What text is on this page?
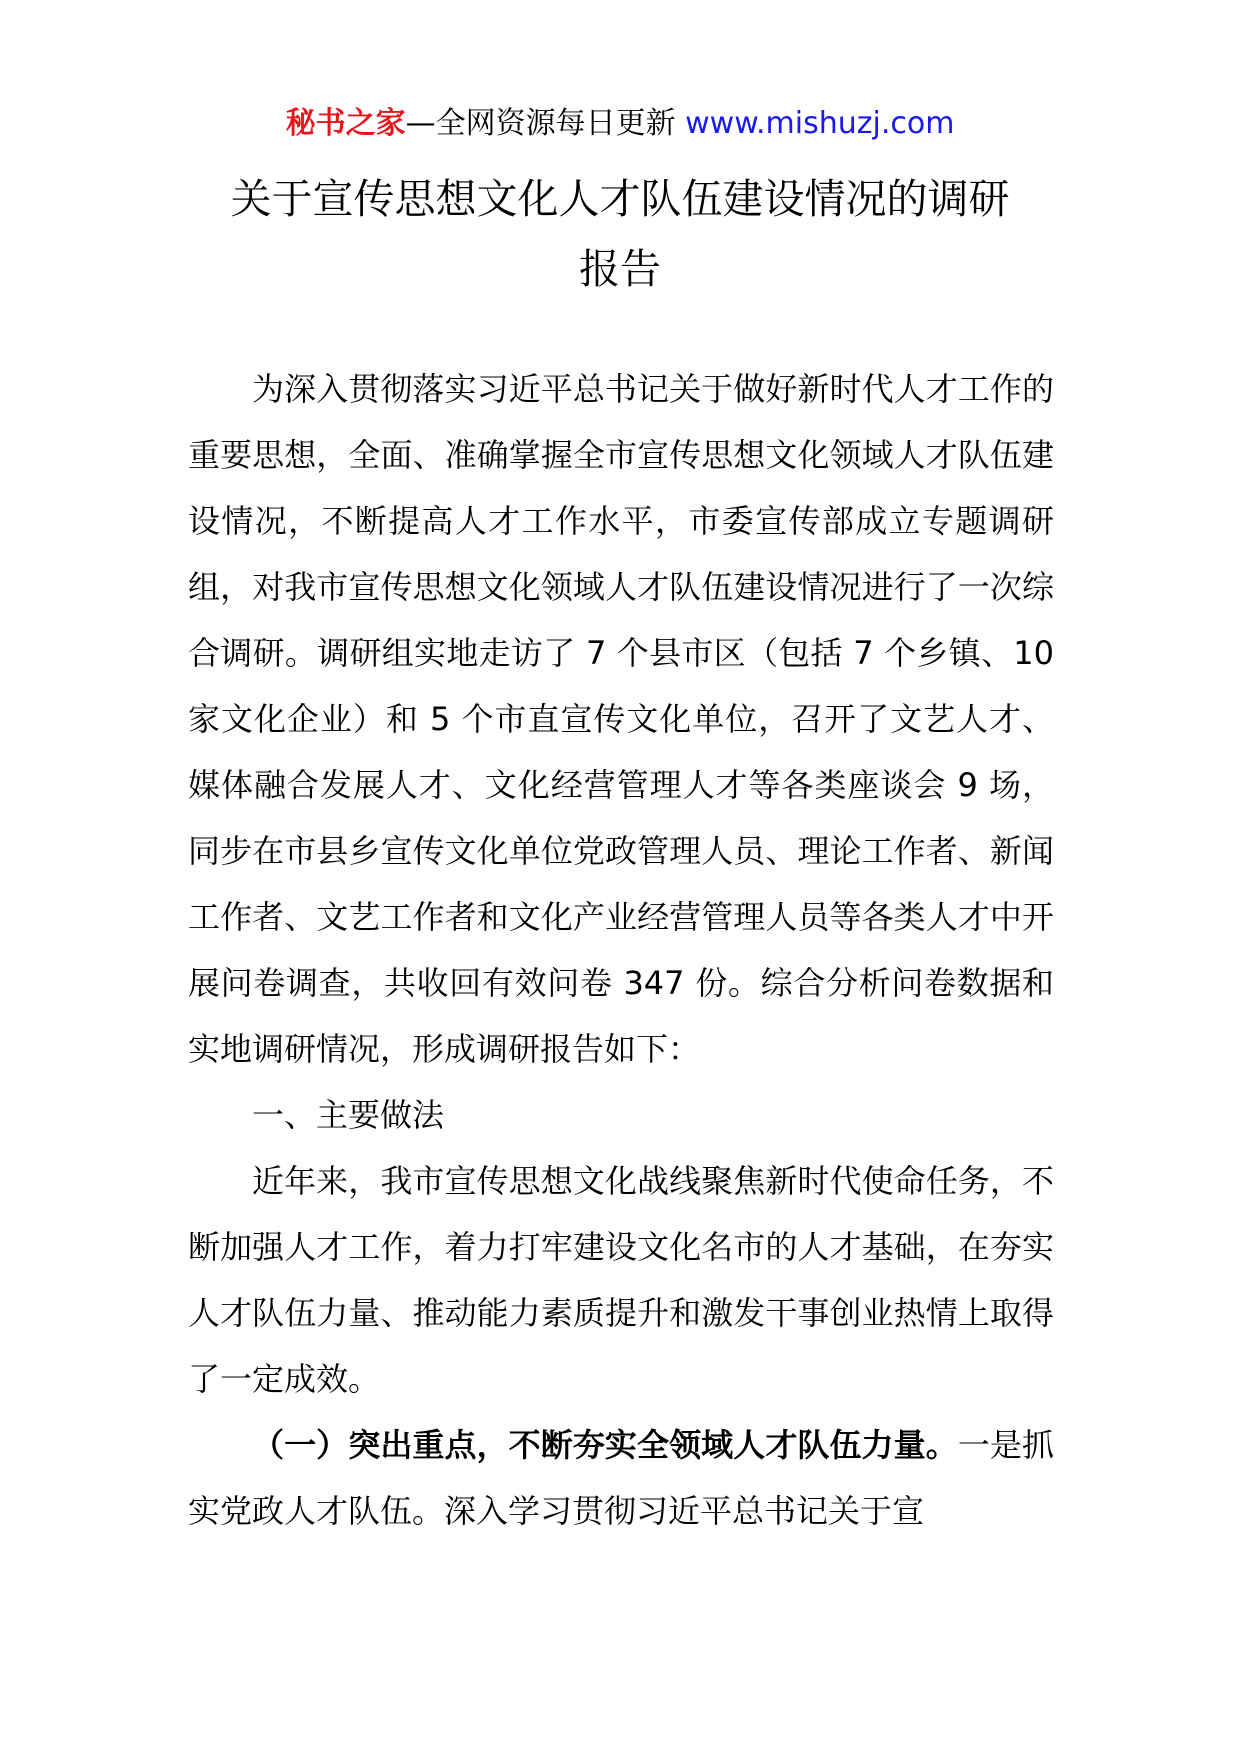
秘书之家—全网资源每日更新 www.mishuzj.com
关于宣传思想文化人才队伍建设情况的调研
报告

为深入贯彻落实习近平总书记关于做好新时代人才工作的重要思想，全面、准确掌握全市宣传思想文化领域人才队伍建设情况，不断提高人才工作水平，市委宣传部成立专题调研组，对我市宣传思想文化领域人才队伍建设情况进行了一次综合调研。调研组实地走访了 7 个县市区（包括 7 个乡镇、10 家文化企业）和 5 个市直宣传文化单位，召开了文艺人才、媒体融合发展人才、文化经营管理人才等各类座谈会 9 场，同步在市县乡宣传文化单位党政管理人员、理论工作者、新闻工作者、文艺工作者和文化产业经营管理人员等各类人才中开展问卷调查，共收回有效问卷 347 份。综合分析问卷数据和实地调研情况，形成调研报告如下：

一、主要做法

近年来，我市宣传思想文化战线聚焦新时代使命任务，不断加强人才工作，着力打牢建设文化名市的人才基础，在夯实人才队伍力量、推动能力素质提升和激发干事创业热情上取得了一定成效。

（一）突出重点，不断夯实全领域人才队伍力量。一是抓实党政人才队伍。深入学习贯彻习近平总书记关于宣
